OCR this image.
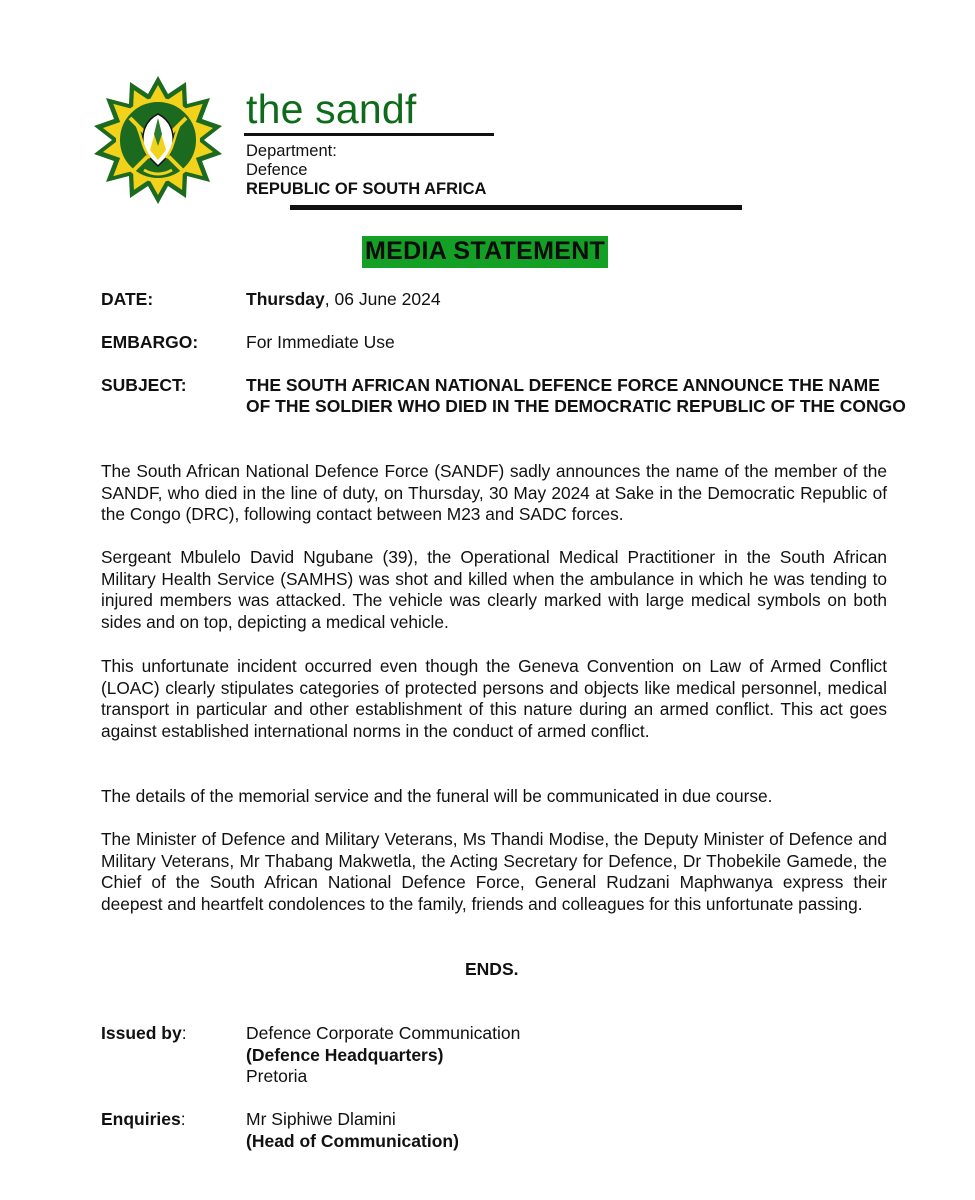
the sandf
Department:
Defence
REPUBLIC OF SOUTH AFRICA
MEDIA STATEMENT
DATE:	Thursday, 06 June 2024
EMBARGO:	For Immediate Use
SUBJECT:	THE SOUTH AFRICAN NATIONAL DEFENCE FORCE ANNOUNCE THE NAME OF THE SOLDIER WHO DIED IN THE DEMOCRATIC REPUBLIC OF THE CONGO

The South African National Defence Force (SANDF) sadly announces the name of the member of the SANDF, who died in the line of duty, on Thursday, 30 May 2024 at Sake in the Democratic Republic of the Congo (DRC), following contact between M23 and SADC forces.

Sergeant Mbulelo David Ngubane (39), the Operational Medical Practitioner in the South African Military Health Service (SAMHS) was shot and killed when the ambulance in which he was tending to injured members was attacked. The vehicle was clearly marked with large medical symbols on both sides and on top, depicting a medical vehicle.

This unfortunate incident occurred even though the Geneva Convention on Law of Armed Conflict (LOAC) clearly stipulates categories of protected persons and objects like medical personnel, medical transport in particular and other establishment of this nature during an armed conflict. This act goes against established international norms in the conduct of armed conflict.

The details of the memorial service and the funeral will be communicated in due course.

The Minister of Defence and Military Veterans, Ms Thandi Modise, the Deputy Minister of Defence and Military Veterans, Mr Thabang Makwetla, the Acting Secretary for Defence, Dr Thobekile Gamede, the Chief of the South African National Defence Force, General Rudzani Maphwanya express their deepest and heartfelt condolences to the family, friends and colleagues for this unfortunate passing.

ENDS.
Issued by:	Defence Corporate Communication
(Defence Headquarters)
Pretoria
Enquiries:	Mr Siphiwe Dlamini
(Head of Communication)
